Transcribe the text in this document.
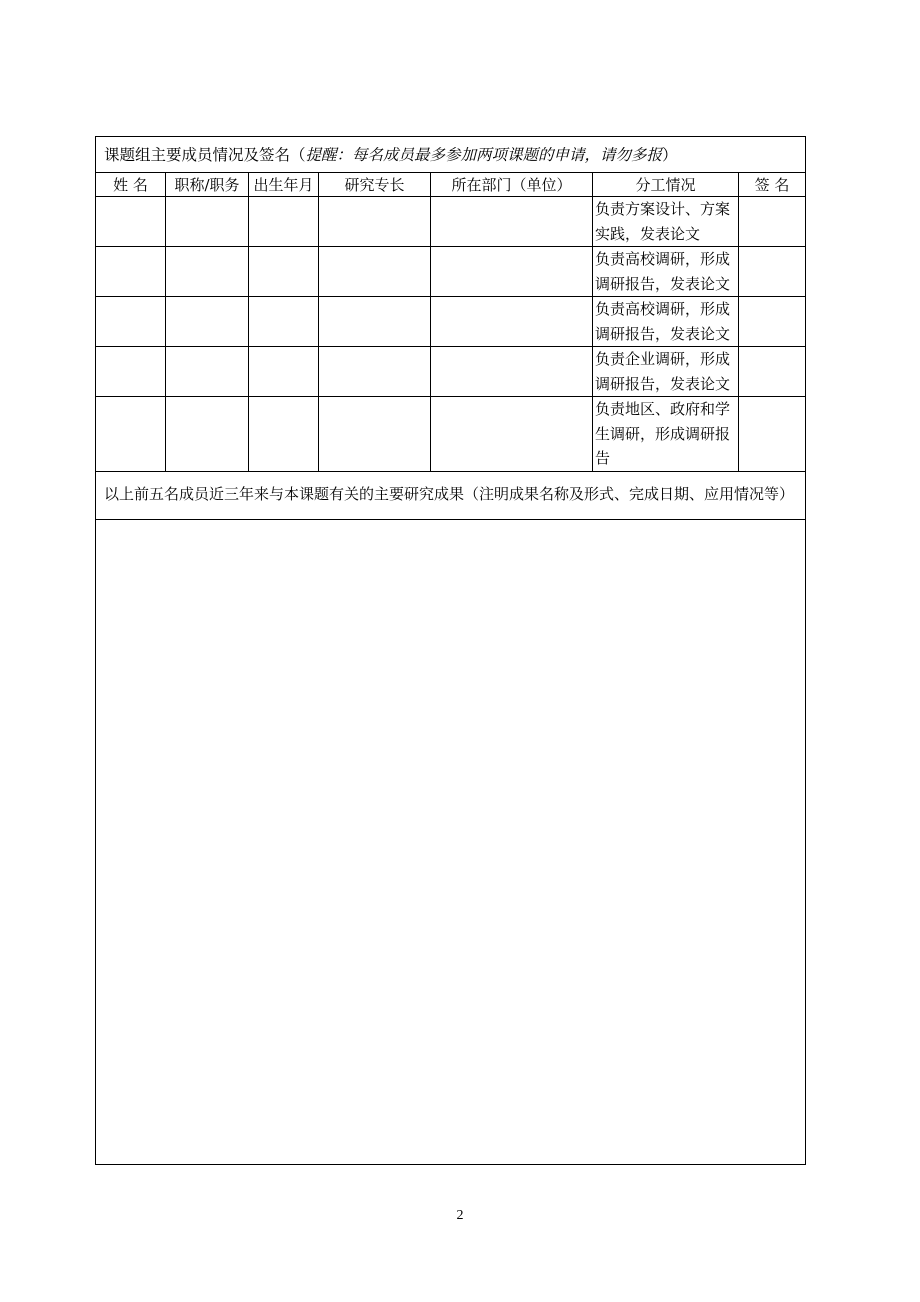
课题组主要成员情况及签名（提醒：每名成员最多参加两项课题的申请，请勿多报）						
姓 名	职称/职务	出生年月	研究专长	所在部门（单位）	分工情况	签 名
					负责方案设计、方案实践，发表论文	
					负责高校调研，形成调研报告，发表论文	
					负责高校调研，形成调研报告，发表论文	
					负责企业调研，形成调研报告，发表论文	
					负责地区、政府和学生调研，形成调研报告	
以上前五名成员近三年来与本课题有关的主要研究成果（注明成果名称及形式、完成日期、应用情况等）						

2
